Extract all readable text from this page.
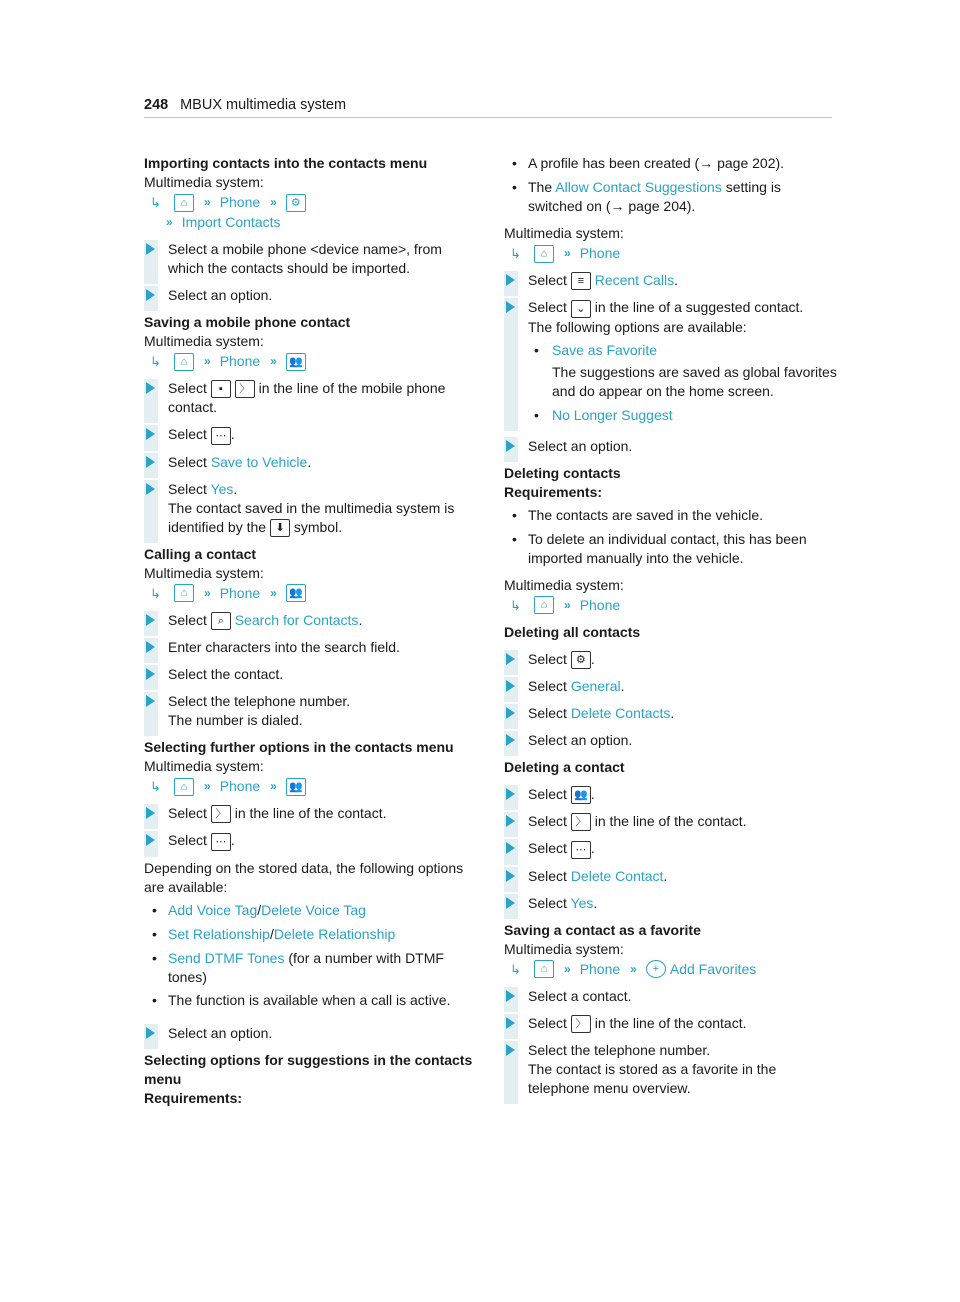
248 MBUX multimedia system
Importing contacts into the contacts menu
Multimedia system:
↳	⌂	» Phone »	⚙
» Import Contacts
Select a mobile phone <device name>, from which the contacts should be imported.
Select an option.
Saving a mobile phone contact
Multimedia system:
↳	⌂	» Phone » 👥
Select ▪ 〉 in the line of the mobile phone contact.
Select ⋯ .
Select Save to Vehicle.
Select Yes.
The contact saved in the multimedia system is identified by the ⬇ symbol.
Calling a contact
Multimedia system:
↳	⌂	» Phone » 👥
Select ⌕ Search for Contacts.
Enter characters into the search field.
Select the contact.
Select the telephone number.
The number is dialed.
Selecting further options in the contacts menu
Multimedia system:
↳	⌂	» Phone » 👥
Select 〉 in the line of the contact.
Select ⋯ .
Depending on the stored data, the following options are available:
• Add Voice Tag/Delete Voice Tag
• Set Relationship/Delete Relationship
• Send DTMF Tones (for a number with DTMF tones)
• The function is available when a call is active.
Select an option.
Selecting options for suggestions in the contacts menu
Requirements:
• A profile has been created (→ page 202).
• The Allow Contact Suggestions setting is switched on (→ page 204).
Multimedia system:
↳	⌂	» Phone
Select ≡ Recent Calls.
Select ⌄ in the line of a suggested contact.
The following options are available:
• Save as Favorite
The suggestions are saved as global favorites and do appear on the home screen.
• No Longer Suggest
Select an option.
Deleting contacts
Requirements:
• The contacts are saved in the vehicle.
• To delete an individual contact, this has been imported manually into the vehicle.
Multimedia system:
↳	⌂	» Phone
Deleting all contacts
Select ⚙ .
Select General.
Select Delete Contacts.
Select an option.
Deleting a contact
Select 👥 .
Select 〉 in the line of the contact.
Select ⋯ .
Select Delete Contact.
Select Yes.
Saving a contact as a favorite
Multimedia system:
↳	⌂	» Phone »	+ Add Favorites
Select a contact.
Select 〉 in the line of the contact.
Select the telephone number.
The contact is stored as a favorite in the telephone menu overview.
